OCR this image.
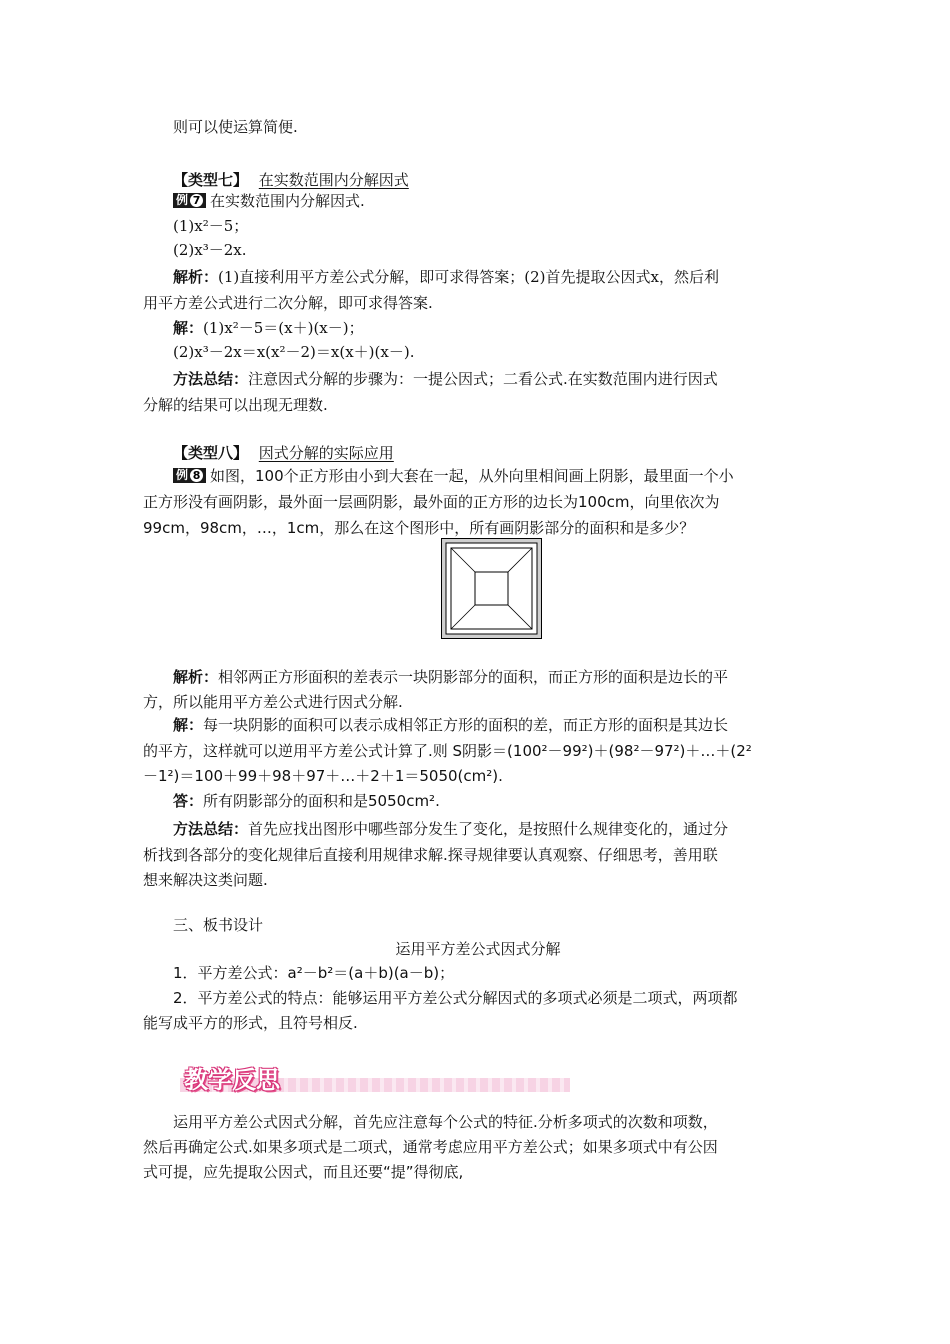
则可以使运算简便.
【类型七】 在实数范围内分解因式
例 7 在实数范围内分解因式.
(1)x²－5；
(2)x³－2x.
解析：(1)直接利用平方差公式分解，即可求得答案；(2)首先提取公因式x，然后利
用平方差公式进行二次分解，即可求得答案.
解：(1)x²－5＝(x＋)(x－)；
(2)x³－2x＝x(x²－2)＝x(x＋)(x－).
方法总结：注意因式分解的步骤为：一提公因式；二看公式.在实数范围内进行因式
分解的结果可以出现无理数.
【类型八】 因式分解的实际应用
例 8 如图，100个正方形由小到大套在一起，从外向里相间画上阴影，最里面一个小
正方形没有画阴影，最外面一层画阴影，最外面的正方形的边长为100cm，向里依次为
99cm，98cm，…，1cm，那么在这个图形中，所有画阴影部分的面积和是多少？
解析：相邻两正方形面积的差表示一块阴影部分的面积，而正方形的面积是边长的平
方，所以能用平方差公式进行因式分解.
解：每一块阴影的面积可以表示成相邻正方形的面积的差，而正方形的面积是其边长
的平方，这样就可以逆用平方差公式计算了.则 S阴影＝(100²－99²)＋(98²－97²)＋…＋(2²
－1²)＝100＋99＋98＋97＋…＋2＋1＝5050(cm²).
答：所有阴影部分的面积和是5050cm².
方法总结：首先应找出图形中哪些部分发生了变化，是按照什么规律变化的，通过分
析找到各部分的变化规律后直接利用规律求解.探寻规律要认真观察、仔细思考，善用联
想来解决这类问题.
三、板书设计
运用平方差公式因式分解
1．平方差公式：a²－b²＝(a＋b)(a－b)；
2．平方差公式的特点：能够运用平方差公式分解因式的多项式必须是二项式，两项都
能写成平方的形式，且符号相反.
教学反思
运用平方差公式因式分解，首先应注意每个公式的特征.分析多项式的次数和项数，
然后再确定公式.如果多项式是二项式，通常考虑应用平方差公式；如果多项式中有公因
式可提，应先提取公因式，而且还要“提”得彻底,
